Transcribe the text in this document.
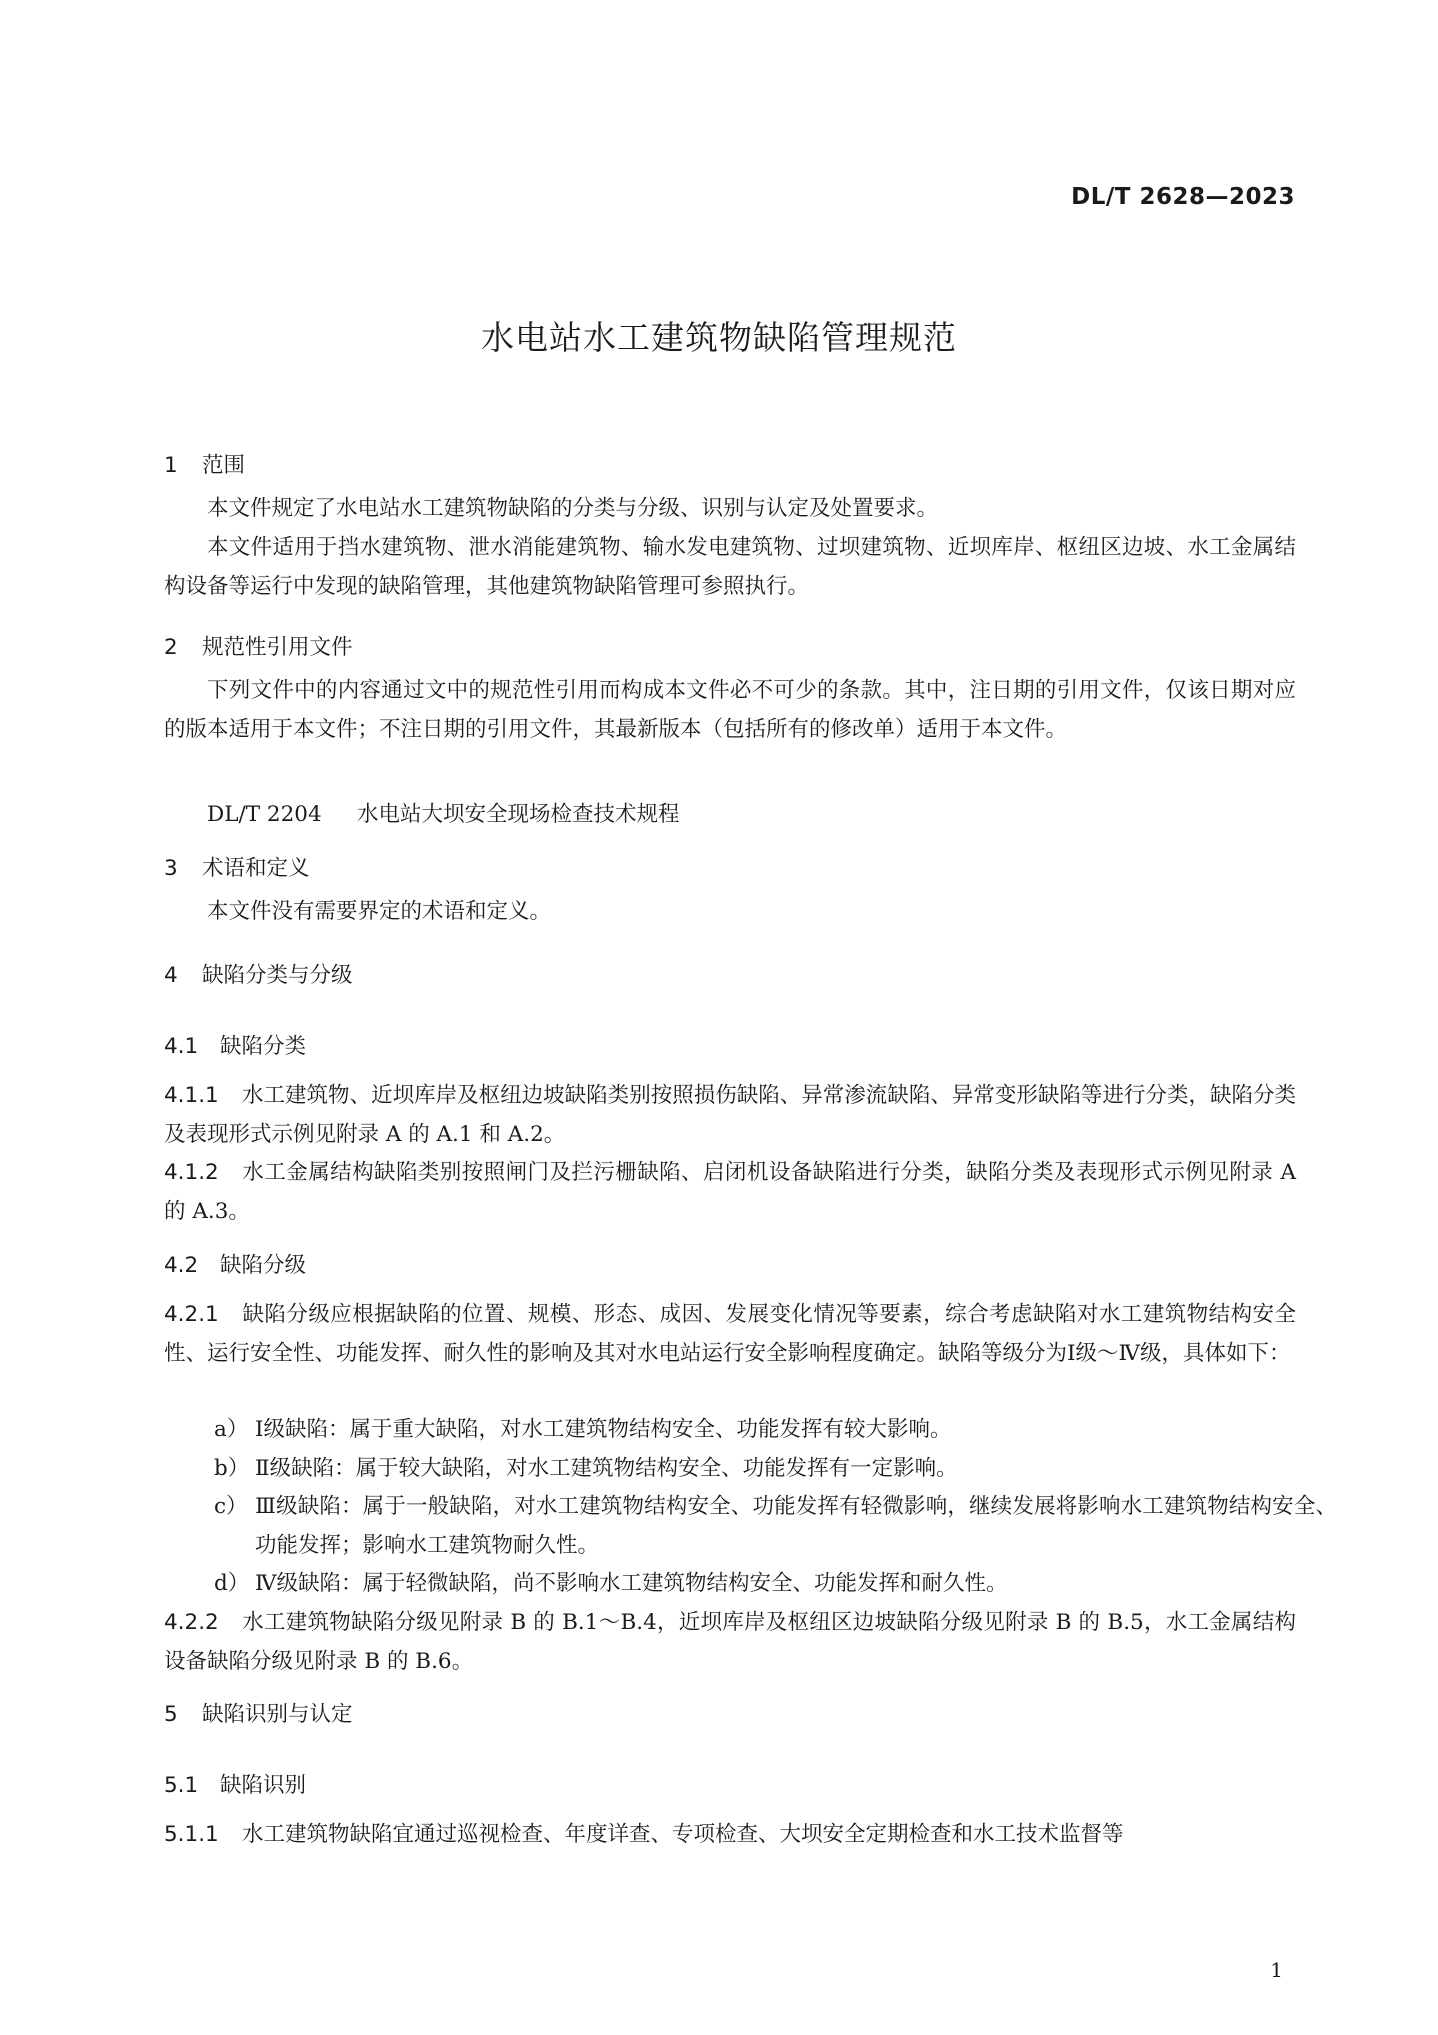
DL/T 2628—2023
水电站水工建筑物缺陷管理规范
1 范围

本文件规定了水电站水工建筑物缺陷的分类与分级、识别与认定及处置要求。

本文件适用于挡水建筑物、泄水消能建筑物、输水发电建筑物、过坝建筑物、近坝库岸、枢纽区边坡、水工金属结构设备等运行中发现的缺陷管理，其他建筑物缺陷管理可参照执行。

2 规范性引用文件

下列文件中的内容通过文中的规范性引用而构成本文件必不可少的条款。其中，注日期的引用文件，仅该日期对应的版本适用于本文件；不注日期的引用文件，其最新版本（包括所有的修改单）适用于本文件。

DL/T 2204 水电站大坝安全现场检查技术规程
3 术语和定义

本文件没有需要界定的术语和定义。

4 缺陷分类与分级
4.1 缺陷分类

4.1.1 水工建筑物、近坝库岸及枢纽边坡缺陷类别按照损伤缺陷、异常渗流缺陷、异常变形缺陷等进行分类，缺陷分类及表现形式示例见附录 A 的 A.1 和 A.2。

4.1.2 水工金属结构缺陷类别按照闸门及拦污栅缺陷、启闭机设备缺陷进行分类，缺陷分类及表现形式示例见附录 A 的 A.3。

4.2 缺陷分级

4.2.1 缺陷分级应根据缺陷的位置、规模、形态、成因、发展变化情况等要素，综合考虑缺陷对水工建筑物结构安全性、运行安全性、功能发挥、耐久性的影响及其对水电站运行安全影响程度确定。缺陷等级分为Ⅰ级～Ⅳ级，具体如下：

a） Ⅰ级缺陷：属于重大缺陷，对水工建筑物结构安全、功能发挥有较大影响。

b） Ⅱ级缺陷：属于较大缺陷，对水工建筑物结构安全、功能发挥有一定影响。

c） Ⅲ级缺陷：属于一般缺陷，对水工建筑物结构安全、功能发挥有轻微影响，继续发展将影响水工建筑物结构安全、功能发挥；影响水工建筑物耐久性。

d） Ⅳ级缺陷：属于轻微缺陷，尚不影响水工建筑物结构安全、功能发挥和耐久性。

4.2.2 水工建筑物缺陷分级见附录 B 的 B.1～B.4，近坝库岸及枢纽区边坡缺陷分级见附录 B 的 B.5，水工金属结构设备缺陷分级见附录 B 的 B.6。

5 缺陷识别与认定
5.1 缺陷识别

5.1.1 水工建筑物缺陷宜通过巡视检查、年度详查、专项检查、大坝安全定期检查和水工技术监督等

1
